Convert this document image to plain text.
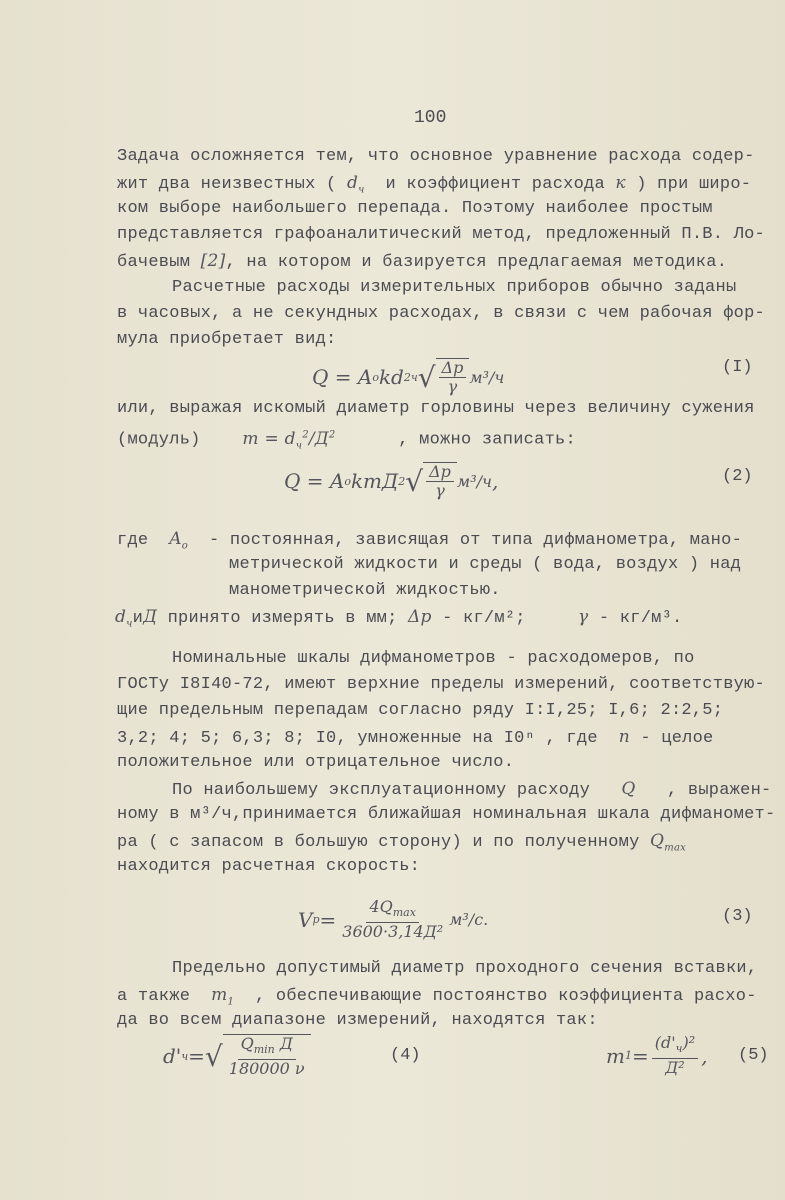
100
Задача осложняется тем, что основное уравнение расхода содер-
жит два неизвестных ( $d_ч$  и коэффициент расхода к ) при широ-
ком выборе наибольшего перепада. Поэтому наиболее простым
представляется графоаналитический метод, предложенный П.В. Ло-
бачевым [2], на котором и базируется предлагаемая методика.
Расчетные расходы измерительных приборов обычно заданы
в часовых, а не секундных расходах, в связи с чем рабочая фор-
мула приобретает вид:
или, выражая искомый диаметр горловины через величину сужения
(модуль)    $m = d_ч^2/Д^2$      , можно записать:
где  $A_о$  - постоянная, зависящая от типа дифманометра, мано-
метрической жидкости и среды ( вода, воздух ) над
манометрической жидкостью.
$d_чиД$ принято измерять в мм; Δp - кг/м²;     γ - кг/м³.
Номинальные шкалы дифманометров - расходомеров, по
ГОСТу I8I40-72, имеют верхние пределы измерений, соответствую-
щие предельным перепадам согласно ряду I:I,25; I,6; 2:2,5;
3,2; 4; 5; 6,3; 8; I0, умноженные на I0ⁿ , где  n - целое
положительное или отрицательное число.
По наибольшему эксплуатационному расходу   Q   , выражен-
ному в м³/ч,принимается ближайшая номинальная шкала дифманомет-
ра ( с запасом в большую сторону) и по полученному $Q_{max}$
находится расчетная скорость:
Предельно допустимый диаметр проходного сечения вставки,
а также  $m_1$  , обеспечивающие постоянство коэффициента расхо-
да во всем диапазоне измерений, находятся так:
Q = A о kd 2 ч √ $\frac{\Delta p}{\gamma} м^3/ч$	(I)
Q = A о kmД 2 √ $\frac{\Delta p}{\gamma} м^3/ч$ ,	(2)
V $p = \frac{4Q_{max}}{\text{3600·3,14Д²}} м^3/с$.	(3)
d' ч = √ $\frac{Q_{min} Д}{180000 \nu}$	(4)	m $1 = \frac{(d'_ч)^2}{\text{Д²}}$ , (5)
